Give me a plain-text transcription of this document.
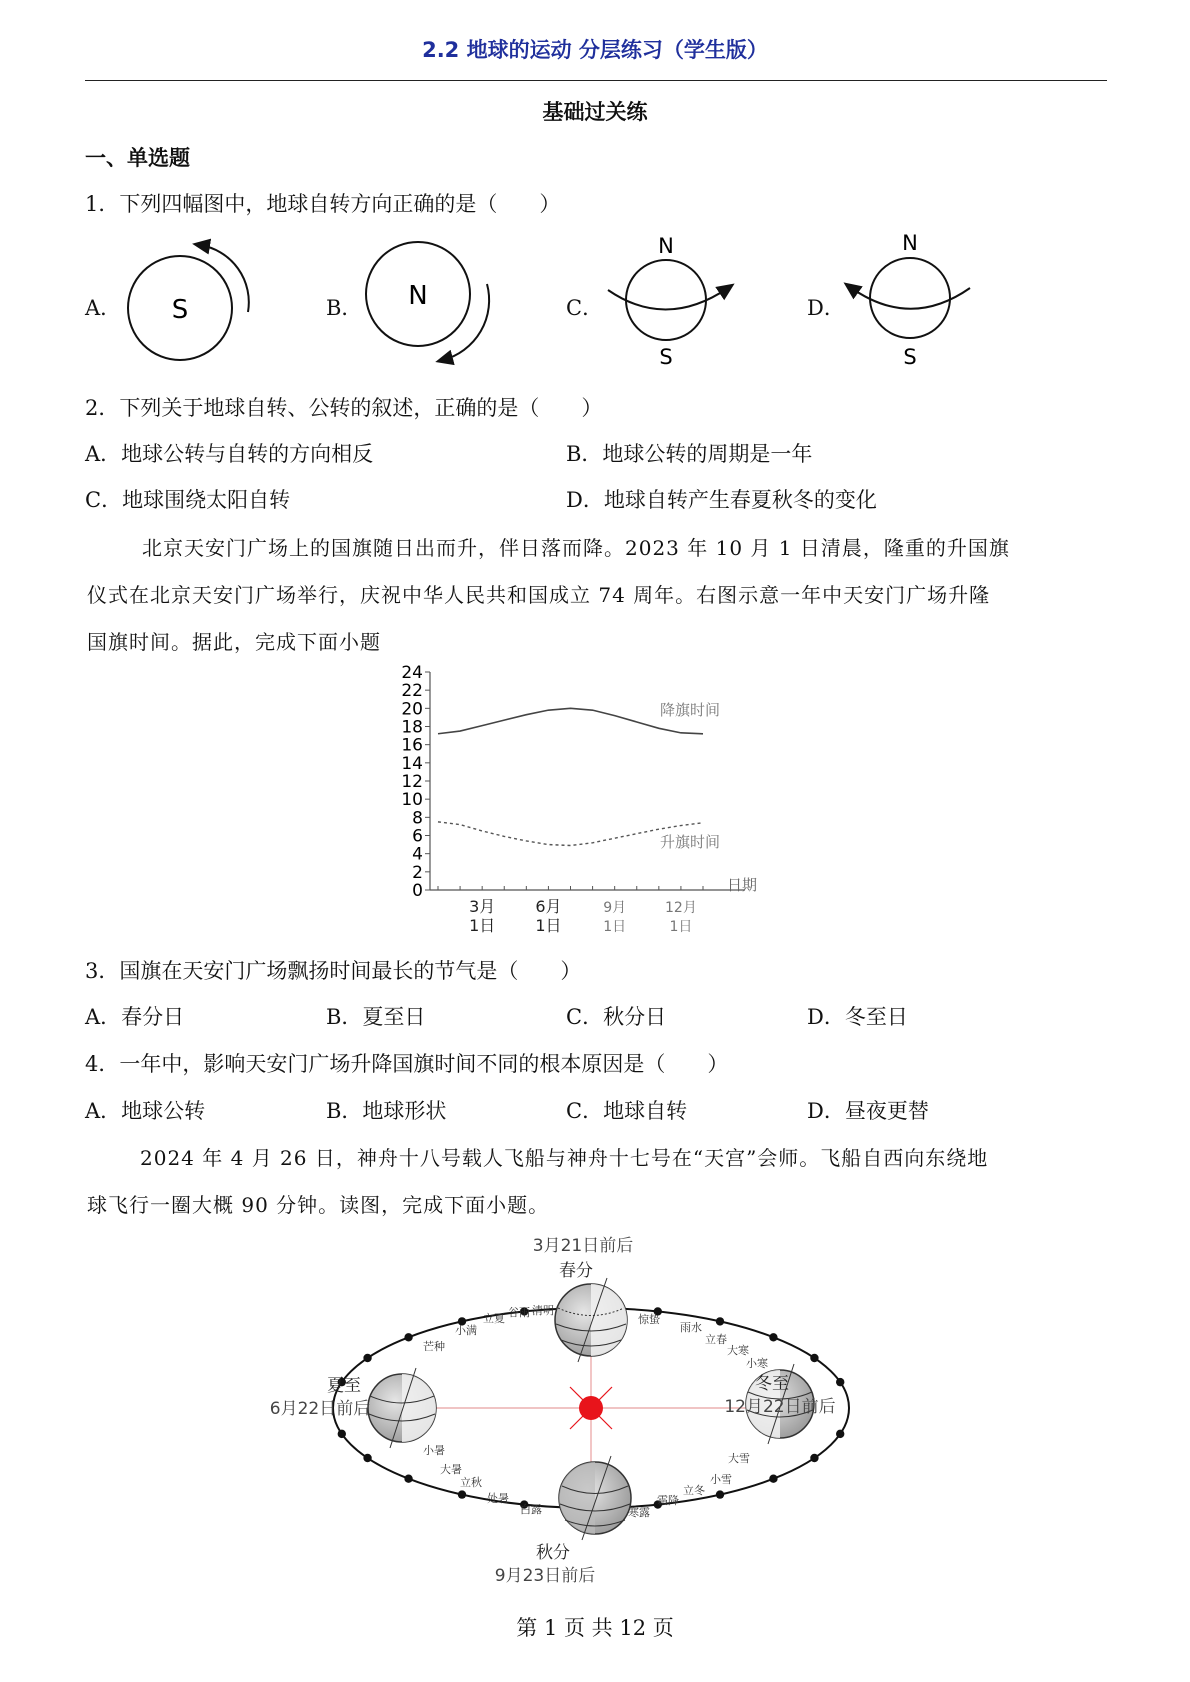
2.2 地球的运动 分层练习（学生版）
基础过关练
一、单选题
1．下列四幅图中，地球自转方向正确的是（　　）
A．	B．	C．	D．
S	N
N
S
N
S
2．下列关于地球自转、公转的叙述，正确的是（　　）
A．地球公转与自转的方向相反	B．地球公转的周期是一年
C．地球围绕太阳自转	D．地球自转产生春夏秋冬的变化
北京天安门广场上的国旗随日出而升，伴日落而降。2023 年 10 月 1 日清晨，隆重的升国旗
仪式在北京天安门广场举行，庆祝中华人民共和国成立 74 周年。右图示意一年中天安门广场升隆
国旗时间。据此，完成下面小题
0
2
4
6
8
10
12
14
16
18
20
22
24
3月
1日
6月
1日
9月
1日
12月
1日
日期
降旗时间
升旗时间
3．国旗在天安门广场飘扬时间最长的节气是（　　）
A．春分日	B．夏至日	C．秋分日	D．冬至日
4．一年中，影响天安门广场升降国旗时间不同的根本原因是（　　）
A．地球公转	B．地球形状	C．地球自转	D．昼夜更替
2024 年 4 月 26 日，神舟十八号载人飞船与神舟十七号在“天宫”会师。飞船自西向东绕地
球飞行一圈大概 90 分钟。读图，完成下面小题。
3月21日前后
春分
夏至
6月22日前后
冬至
12月22日前后
秋分
9月23日前后
芒种
小满
立夏 谷雨 清明
惊蛰
雨水
立春
大寒
小寒
小暑
大暑
立秋
处暑
白露	寒露
霜降
立冬
小雪
大雪
第 1 页 共 12 页
